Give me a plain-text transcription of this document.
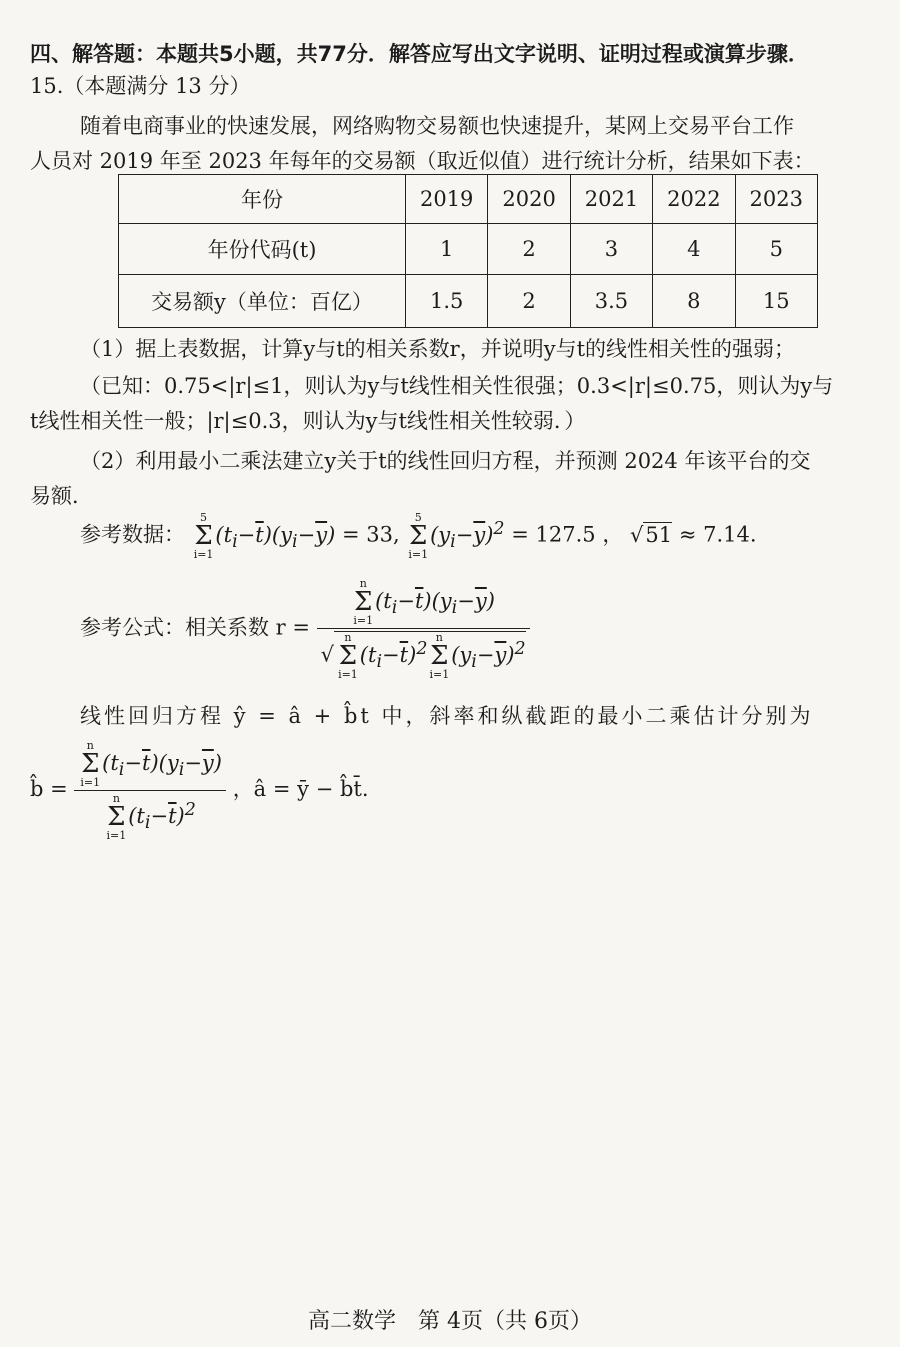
四、解答题：本题共5小题，共77分．解答应写出文字说明、证明过程或演算步骤．
15.（本题满分 13 分）
随着电商事业的快速发展，网络购物交易额也快速提升，某网上交易平台工作
人员对 2019 年至 2023 年每年的交易额（取近似值）进行统计分析，结果如下表：
年份	2019	2020	2021	2022	2023
年份代码(t)	1	2	3	4	5
交易额y（单位：百亿）	1.5	2	3.5	8	15
（1）据上表数据，计算y与t的相关系数r，并说明y与t的线性相关性的强弱；
（已知：0.75<|r|≤1，则认为y与t线性相关性很强；0.3<|r|≤0.75，则认为y与
t线性相关性一般；|r|≤0.3，则认为y与t线性相关性较弱．）
（2）利用最小二乘法建立y关于t的线性回归方程，并预测 2024 年该平台的交
易额．
参考数据：
5
Σ
i=1
$(t_i-\overline{t})(y_i-\overline{y}) = 33$,
5
Σ
i=1
$(y_i-\overline{y})^2 = 127.5$ ， √51 ≈ 7.14.
参考公式：相关系数 r = n
Σ
i=1
$(t_i-\overline{t})(y_i-\overline{y})$
√
n
Σ
i=1
$(t_i-\overline{t})^2$
n
Σ
i=1
$(y_i-\overline{y})^2$
线性回归方程 ŷ = â + b̂t 中，斜率和纵截距的最小二乘估计分别为
b̂ = n
Σ
i=1
$(t_i-\overline{t})(y_i-\overline{y})$
n
Σ
i=1
$(t_i-\overline{t})^2$ ，â = ȳ − b̂t̄.
高二数学　第 4页（共 6页）
